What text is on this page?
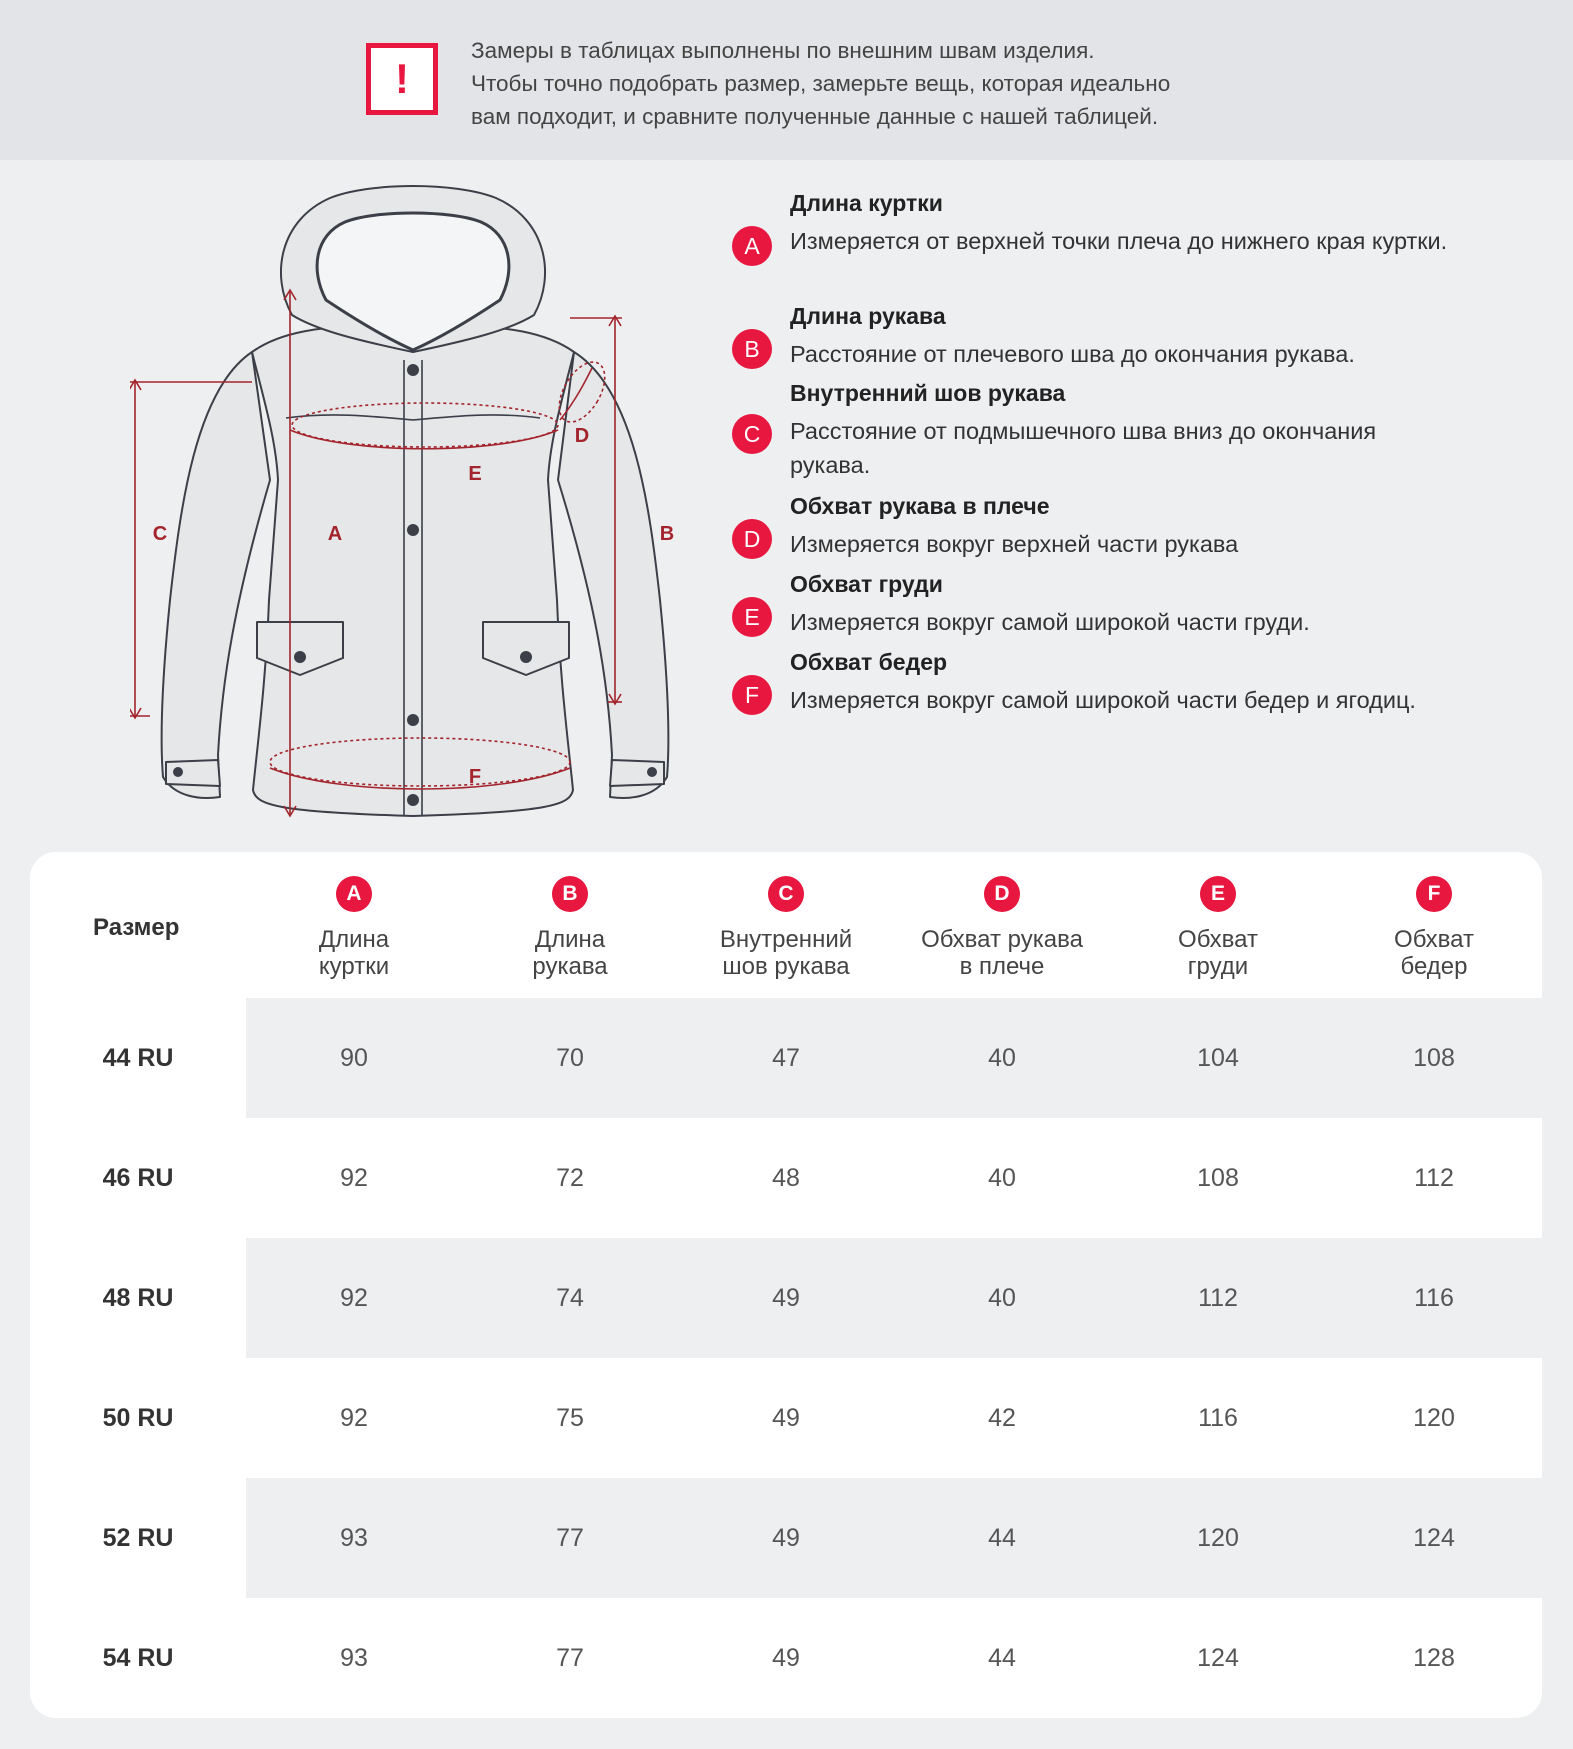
!
Замеры в таблицах выполнены по внешним швам изделия.
Чтобы точно подобрать размер, замерьте вещь, которая идеально
вам подходит, и сравните полученные данные с нашей таблицей.
A	B
C
D
E
F
A
Длина куртки
Измеряется от верхней точки плеча до нижнего края куртки.
B
Длина рукава
Расстояние от плечевого шва до окончания рукава.
C
Внутренний шов рукава
Расстояние от подмышечного шва вниз до окончания рукава.
D
Обхват рукава в плече
Измеряется вокруг верхней части рукава
E
Обхват груди
Измеряется вокруг самой широкой части груди.
F
Обхват бедер
Измеряется вокруг самой широкой части бедер и ягодиц.
Размер
A
Длина
куртки
B
Длина
рукава
C
Внутренний
шов рукава
D
Обхват рукава
в плече
E
Обхват
груди
F
Обхват
бедер
44 RU	90	70	47	40	104	108
46 RU	92	72	48	40	108	112
48 RU	92	74	49	40	112	116
50 RU	92	75	49	42	116	120
52 RU	93	77	49	44	120	124
54 RU	93	77	49	44	124	128
